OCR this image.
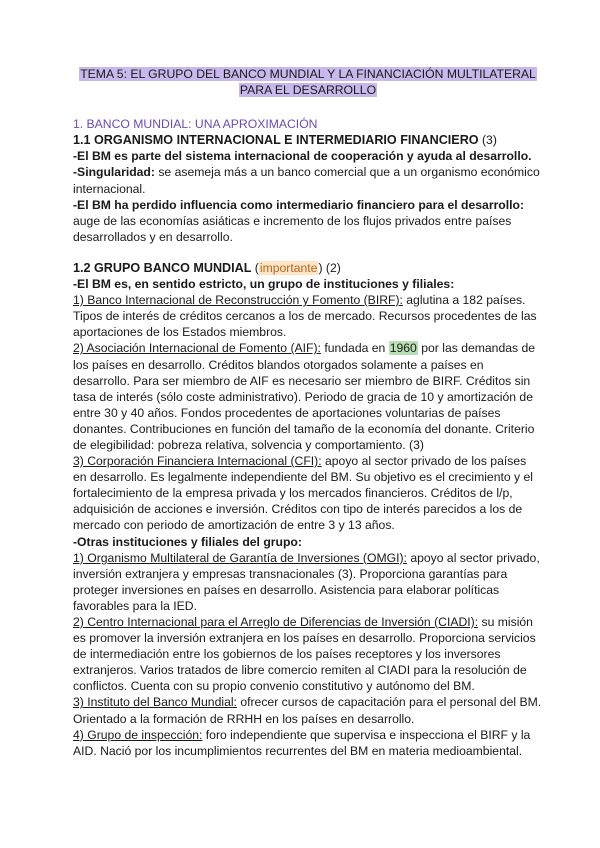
TEMA 5: EL GRUPO DEL BANCO MUNDIAL Y LA FINANCIACIÓN MULTILATERAL
PARA EL DESARROLLO

1. BANCO MUNDIAL: UNA APROXIMACIÓN

1.1 ORGANISMO INTERNACIONAL E INTERMEDIARIO FINANCIERO (3)

-El BM es parte del sistema internacional de cooperación y ayuda al desarrollo.

-Singularidad: se asemeja más a un banco comercial que a un organismo económico internacional.

-El BM ha perdido influencia como intermediario financiero para el desarrollo: auge de las economías asiáticas e incremento de los flujos privados entre países desarrollados y en desarrollo.

1.2 GRUPO BANCO MUNDIAL (importante) (2)

-El BM es, en sentido estricto, un grupo de instituciones y filiales:

1) Banco Internacional de Reconstrucción y Fomento (BIRF): aglutina a 182 países. Tipos de interés de créditos cercanos a los de mercado. Recursos procedentes de las aportaciones de los Estados miembros.

2) Asociación Internacional de Fomento (AIF): fundada en 1960 por las demandas de los países en desarrollo. Créditos blandos otorgados solamente a países en desarrollo. Para ser miembro de AIF es necesario ser miembro de BIRF. Créditos sin tasa de interés (sólo coste administrativo). Periodo de gracia de 10 y amortización de entre 30 y 40 años. Fondos procedentes de aportaciones voluntarias de países donantes. Contribuciones en función del tamaño de la economía del donante. Criterio de elegibilidad: pobreza relativa, solvencia y comportamiento. (3)

3) Corporación Financiera Internacional (CFI): apoyo al sector privado de los países en desarrollo. Es legalmente independiente del BM. Su objetivo es el crecimiento y el fortalecimiento de la empresa privada y los mercados financieros. Créditos de l/p, adquisición de acciones e inversión. Créditos con tipo de interés parecidos a los de mercado con periodo de amortización de entre 3 y 13 años.

-Otras instituciones y filiales del grupo:

1) Organismo Multilateral de Garantía de Inversiones (OMGI): apoyo al sector privado, inversión extranjera y empresas transnacionales (3). Proporciona garantías para proteger inversiones en países en desarrollo. Asistencia para elaborar políticas favorables para la IED.

2) Centro Internacional para el Arreglo de Diferencias de Inversión (CIADI): su misión es promover la inversión extranjera en los países en desarrollo. Proporciona servicios de intermediación entre los gobiernos de los países receptores y los inversores extranjeros. Varios tratados de libre comercio remiten al CIADI para la resolución de conflictos. Cuenta con su propio convenio constitutivo y autónomo del BM.

3) Instituto del Banco Mundial: ofrecer cursos de capacitación para el personal del BM. Orientado a la formación de RRHH en los países en desarrollo.

4) Grupo de inspección: foro independiente que supervisa e inspecciona el BIRF y la AID. Nació por los incumplimientos recurrentes del BM en materia medioambiental.
